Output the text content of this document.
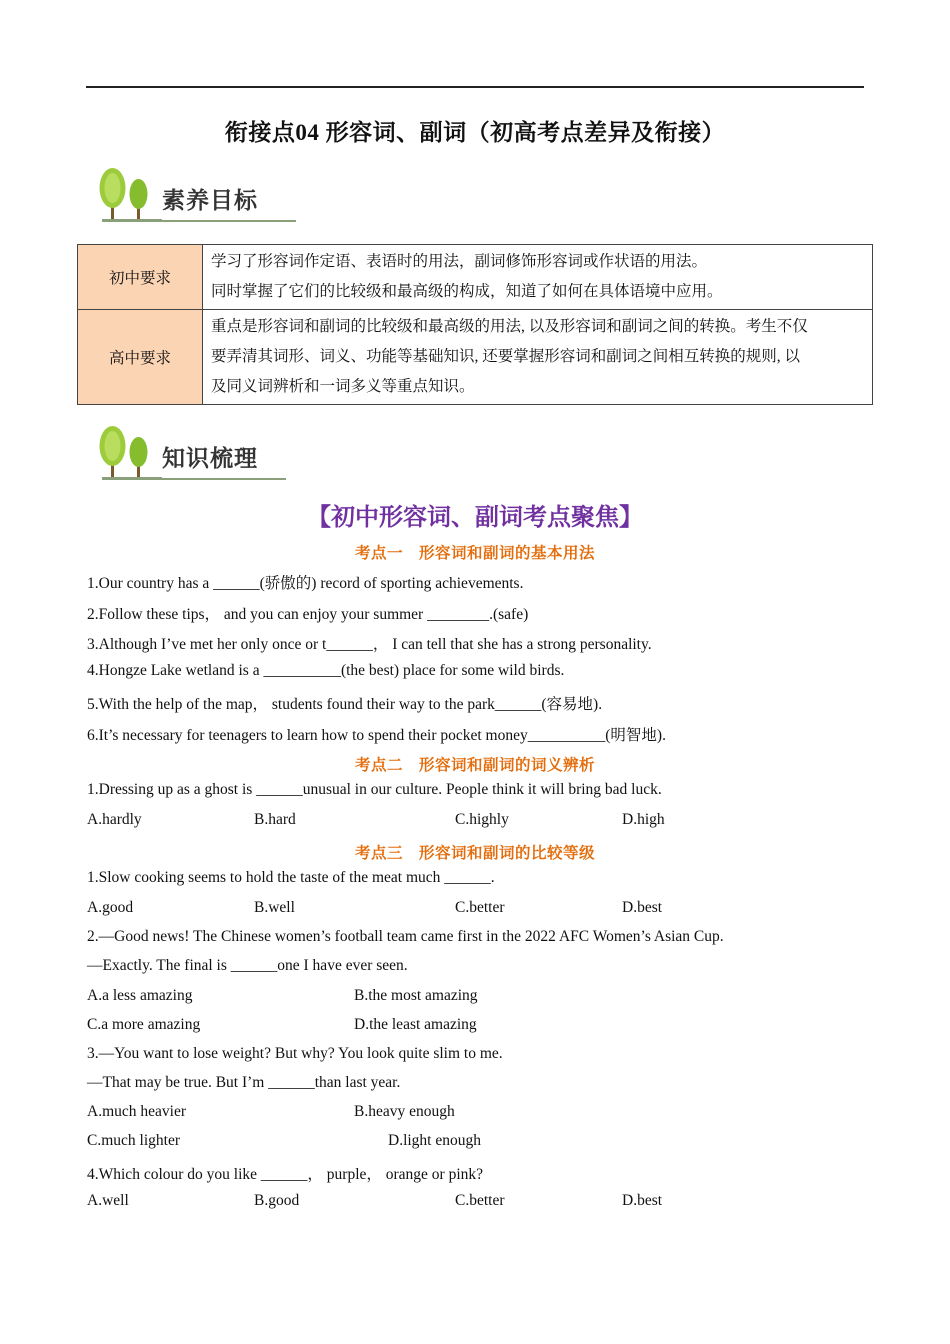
衔接点04 形容词、副词（初高考点差异及衔接）
素养目标
初中要求	学习了形容词作定语、表语时的用法，副词修饰形容词或作状语的用法。
同时掌握了它们的比较级和最高级的构成，知道了如何在具体语境中应用。

高中要求	重点是形容词和副词的比较级和最高级的用法, 以及形容词和副词之间的转换。考生不仅
要弄清其词形、词义、功能等基础知识, 还要掌握形容词和副词之间相互转换的规则, 以
及同义词辨析和一词多义等重点知识。
知识梳理
【初中形容词、副词考点聚焦】
考点一　形容词和副词的基本用法
1.Our country has a ______(骄傲的) record of sporting achievements.
2.Follow these tips， and you can enjoy your summer ________.(safe)
3.Although I’ve met her only once or t______， I can tell that she has a strong personality.
4.Hongze Lake wetland is a __________(the best) place for some wild birds.
5.With the help of the map， students found their way to the park______(容易地).
6.It’s necessary for teenagers to learn how to spend their pocket money__________(明智地).
考点二　形容词和副词的词义辨析
1.Dressing up as a ghost is ______unusual in our culture. People think it will bring bad luck.
A.hardly	B.hard	C.highly	D.high
考点三　形容词和副词的比较等级
1.Slow cooking seems to hold the taste of the meat much ______.
A.good	B.well	C.better	D.best
2.—Good news! The Chinese women’s football team came first in the 2022 AFC Women’s Asian Cup.
—Exactly. The final is ______one I have ever seen.
A.a less amazing	B.the most amazing
C.a more amazing	D.the least amazing
3.—You want to lose weight? But why? You look quite slim to me.
—That may be true. But I’m ______than last year.
A.much heavier	B.heavy enough
C.much lighter	D.light enough
4.Which colour do you like ______， purple， orange or pink?
A.well	B.good	C.better	D.best
